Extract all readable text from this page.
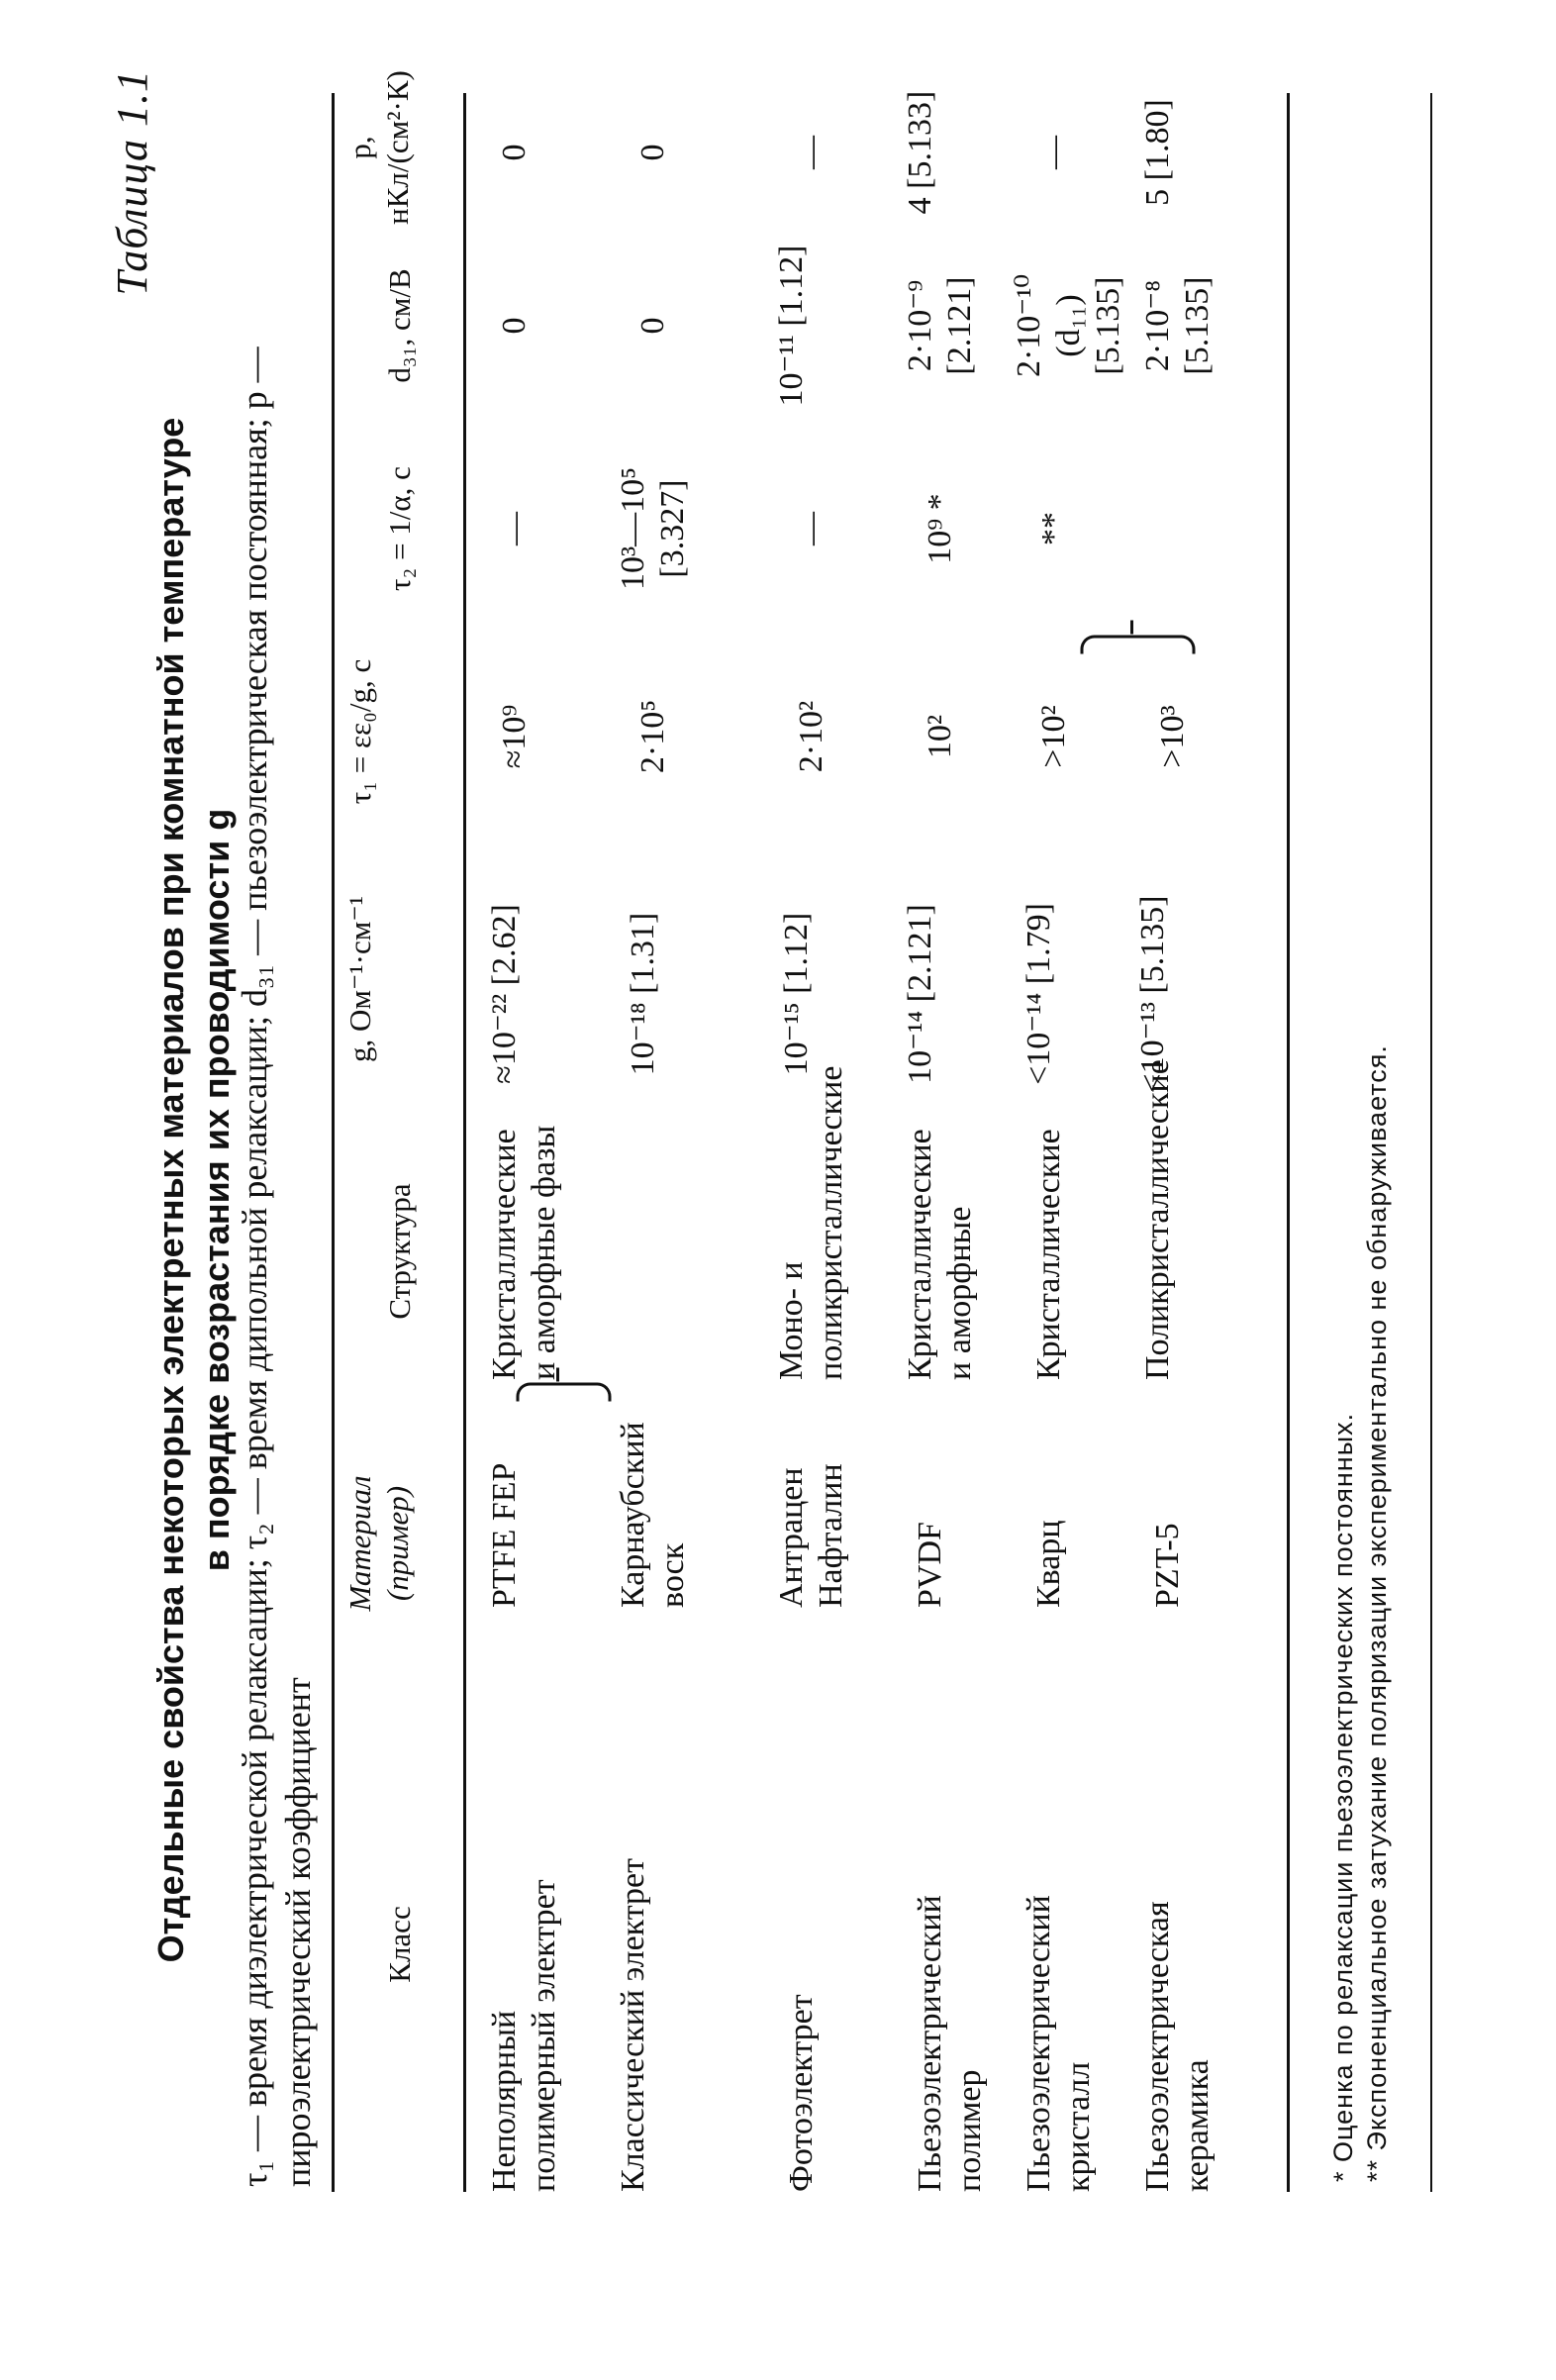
Таблица 1.1
Отдельные свойства некоторых электретных материалов при комнатной температуре в порядке возрастания их проводимости g
τ₁ — время диэлектрической релаксации; τ₂ — время дипольной релаксации; d₃₁ — пьезоэлектрическая постоянная; p — пироэлектрический коэффициент Класс
Материал (пример)
Структура
g, Ом⁻¹·см⁻¹
τ₁ = εε₀/g, с
τ₂ = 1/α, с
d₃₁, см/В
p, нКл/(см²·К)
Неполярный полимерный электрет
PTFE FEP
Кристаллические и аморфные фазы
≈10⁻²² [2.62]
≈10⁹
—
0
0
Классический электрет
Карнаубский воск
10⁻¹⁸ [1.31]
2·10⁵
10³—10⁵ [3.327]
0
0
Фотоэлектрет
Антрацен Нафталин
Моно- и поликристаллические
10⁻¹⁵ [1.12]
2·10²
—
10⁻¹¹ [1.12]
—
Пьезоэлектрический полимер
PVDF
Кристаллические и аморфные
10⁻¹⁴ [2.121]
10²
10⁹ *
2·10⁻⁹ [2.121]
4 [5.133]
Пьезоэлектрический кристалл
Кварц
Кристаллические
<10⁻¹⁴ [1.79]
>10²
**
2·10⁻¹⁰ (d₁₁) [5.135]
—
Пьезоэлектрическая керамика
PZT-5
Поликристаллические
<10⁻¹³ [5.135]
>10³
2·10⁻⁸ [5.135]
5 [1.80]
* Оценка по релаксации пьезоэлектрических постоянных. ** Экспоненциальное затухание поляризации экспериментально не обнаруживается.
